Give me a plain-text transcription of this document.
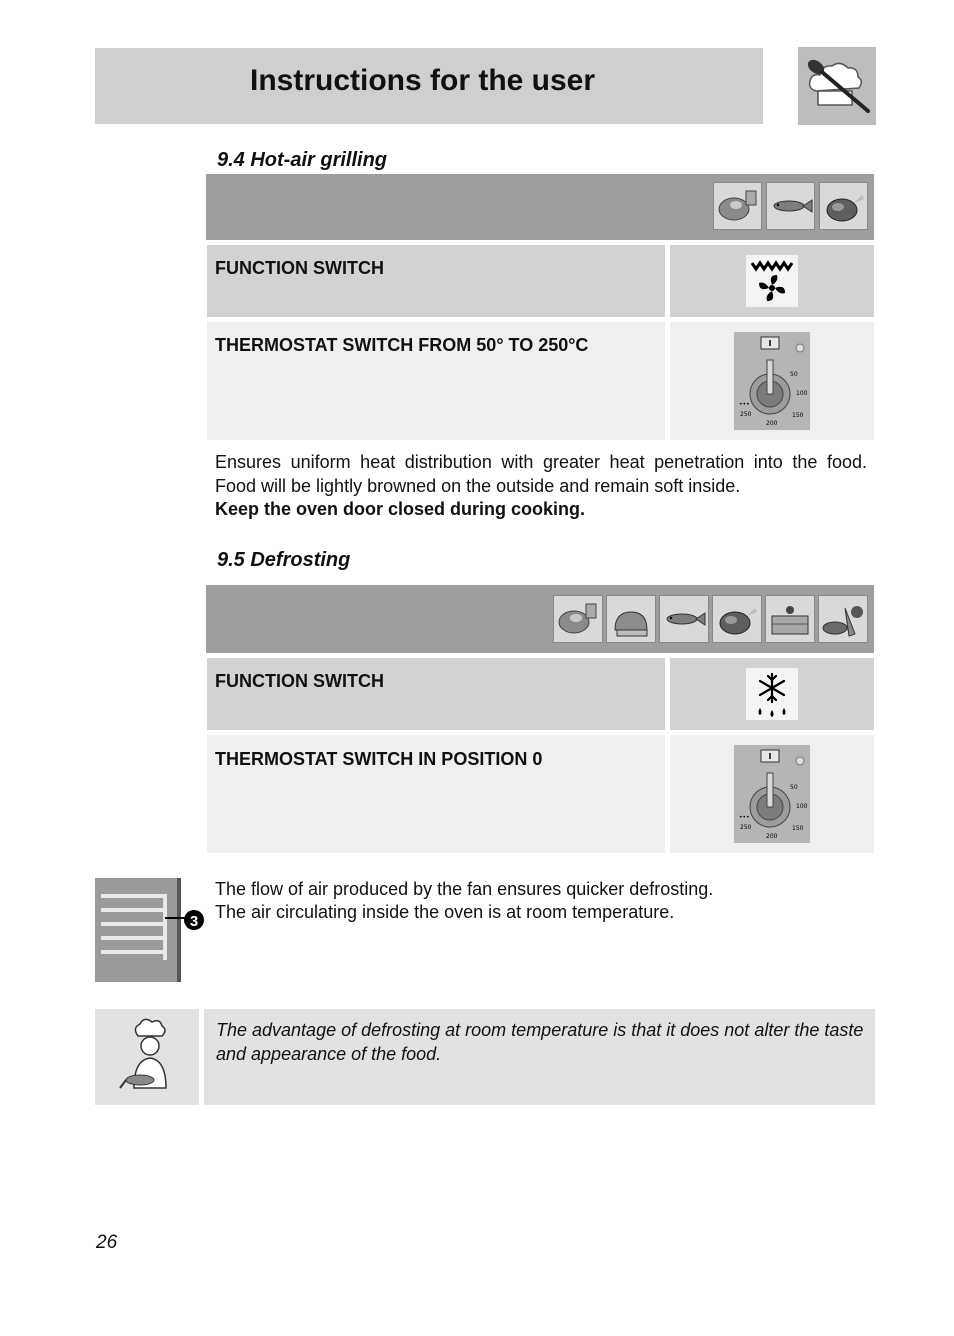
Instructions for the user
9.4 Hot-air grilling
FUNCTION SWITCH
THERMOSTAT SWITCH FROM 50° TO 250°C
50
100
150
200
250
•••
Ensures uniform heat distribution with greater heat penetration into the food. Food will be lightly browned on the outside and remain soft inside.
Keep the oven door closed during cooking.
9.5 Defrosting
FUNCTION SWITCH
THERMOSTAT SWITCH IN POSITION 0
50
100
150
200
250
•••
3
The flow of air produced by the fan ensures quicker defrosting.
The air circulating inside the oven is at room temperature.
The advantage of defrosting at room temperature is that it does not alter the taste and appearance of the food.
26
